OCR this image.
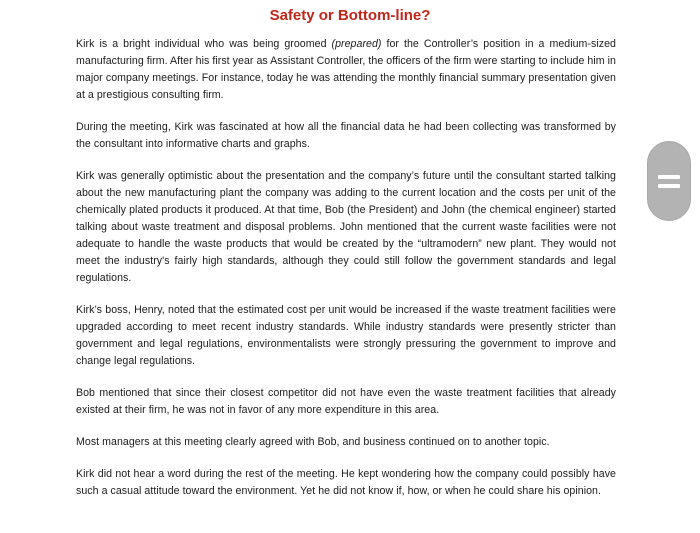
Safety or Bottom-line?

Kirk is a bright individual who was being groomed (prepared) for the Controller’s position in a medium-sized manufacturing firm. After his first year as Assistant Controller, the officers of the firm were starting to include him in major company meetings. For instance, today he was attending the monthly financial summary presentation given at a prestigious consulting firm.

During the meeting, Kirk was fascinated at how all the financial data he had been collecting was transformed by the consultant into informative charts and graphs.

Kirk was generally optimistic about the presentation and the company’s future until the consultant started talking about the new manufacturing plant the company was adding to the current location and the costs per unit of the chemically plated products it produced. At that time, Bob (the President) and John (the chemical engineer) started talking about waste treatment and disposal problems. John mentioned that the current waste facilities were not adequate to handle the waste products that would be created by the “ultramodern” new plant. They would not meet the industry's fairly high standards, although they could still follow the government standards and legal regulations.

Kirk’s boss, Henry, noted that the estimated cost per unit would be increased if the waste treatment facilities were upgraded according to meet recent industry standards. While industry standards were presently stricter than government and legal regulations, environmentalists were strongly pressuring the government to improve and change legal regulations.

Bob mentioned that since their closest competitor did not have even the waste treatment facilities that already existed at their firm, he was not in favor of any more expenditure in this area.

Most managers at this meeting clearly agreed with Bob, and business continued on to another topic.

Kirk did not hear a word during the rest of the meeting. He kept wondering how the company could possibly have such a casual attitude toward the environment. Yet he did not know if, how, or when he could share his opinion.
